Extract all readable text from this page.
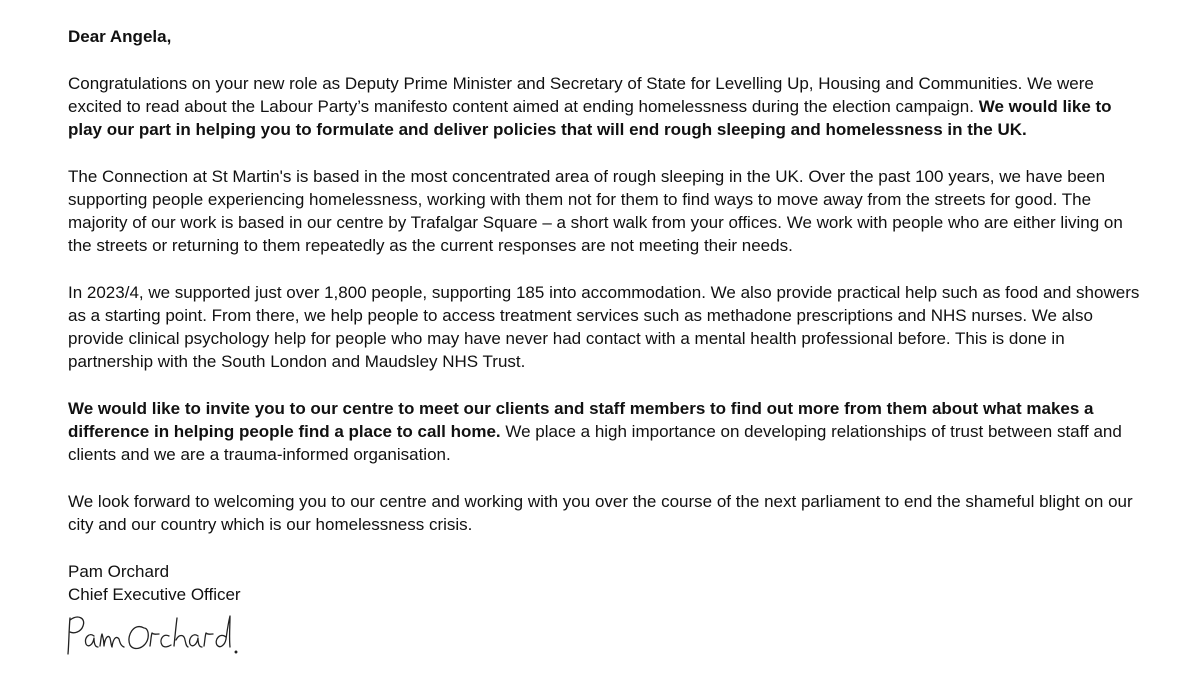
Dear Angela,

Congratulations on your new role as Deputy Prime Minister and Secretary of State for Levelling Up, Housing and Communities. We were excited to read about the Labour Party’s manifesto content aimed at ending homelessness during the election campaign. We would like to play our part in helping you to formulate and deliver policies that will end rough sleeping and homelessness in the UK.

The Connection at St Martin's is based in the most concentrated area of rough sleeping in the UK. Over the past 100 years, we have been supporting people experiencing homelessness, working with them not for them to find ways to move away from the streets for good. The majority of our work is based in our centre by Trafalgar Square – a short walk from your offices. We work with people who are either living on the streets or returning to them repeatedly as the current responses are not meeting their needs.

In 2023/4, we supported just over 1,800 people, supporting 185 into accommodation. We also provide practical help such as food and showers as a starting point. From there, we help people to access treatment services such as methadone prescriptions and NHS nurses. We also provide clinical psychology help for people who may have never had contact with a mental health professional before. This is done in partnership with the South London and Maudsley NHS Trust.

We would like to invite you to our centre to meet our clients and staff members to find out more from them about what makes a difference in helping people find a place to call home. We place a high importance on developing relationships of trust between staff and clients and we are a trauma-informed organisation.

We look forward to welcoming you to our centre and working with you over the course of the next parliament to end the shameful blight on our city and our country which is our homelessness crisis.

Pam Orchard

Chief Executive Officer
